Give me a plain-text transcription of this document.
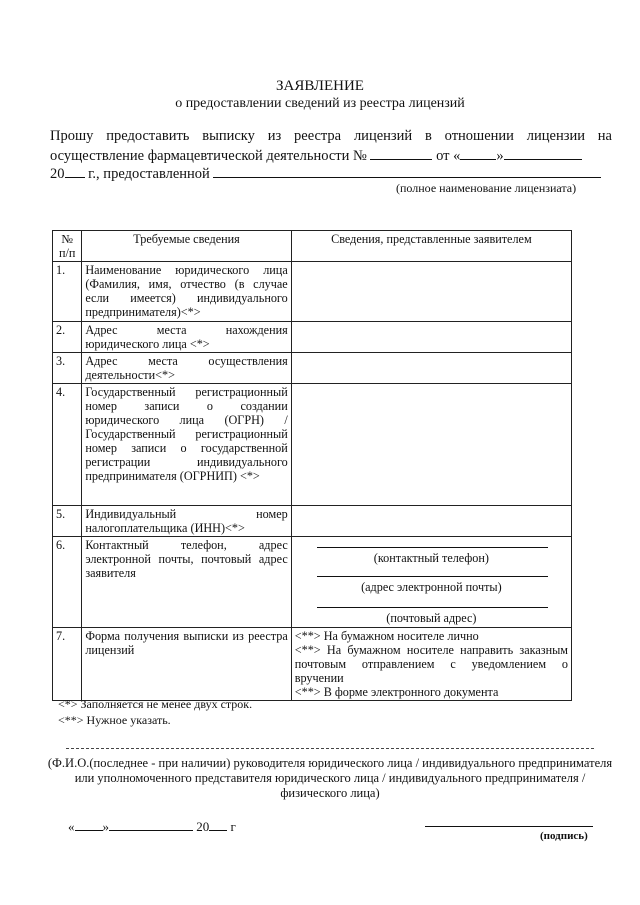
ЗАЯВЛЕНИЕ
о предоставлении сведений из реестра лицензий
Прошу предоставить выписку из реестра лицензий в отношении лицензии на
осуществление фармацевтической деятельности №	от « »
20 г., предоставленной
(полное наименование лицензиата)
№ п/п	Требуемые сведения	Сведения, представленные заявителем
1.	Наименование юридического лица (Фамилия, имя, отчество (в случае если имеется) индивидуального предпринимателя)<*>	
2.	Адрес места нахождения юридического лица <*>	
3.	Адрес места осуществления деятельности<*>	
4.	Государственный регистрационный номер записи о создании юридического лица (ОГРН) / Государственный регистрационный номер записи о государственной регистрации индивидуального предпринимателя (ОГРНИП) <*>	
5.	Индивидуальный номер налогоплательщика (ИНН)<*>	
6.	Контактный телефон, адрес электронной почты, почтовый адрес заявителя	(контактный телефон)
(адрес электронной почты)
(почтовый адрес)

7.	Форма получения выписки из реестра лицензий	<**> На бумажном носителе лично
<**> На бумажном носителе направить заказным почтовым отправлением с уведомлением о вручении
<**> В форме электронного документа
<*> Заполняется не менее двух строк.
<**> Нужное указать.
(Ф.И.О.(последнее - при наличии) руководителя юридического лица / индивидуального предпринимателя или уполномоченного представителя юридического лица / индивидуального предпринимателя / физического лица)
« »	20 г
(подпись)
